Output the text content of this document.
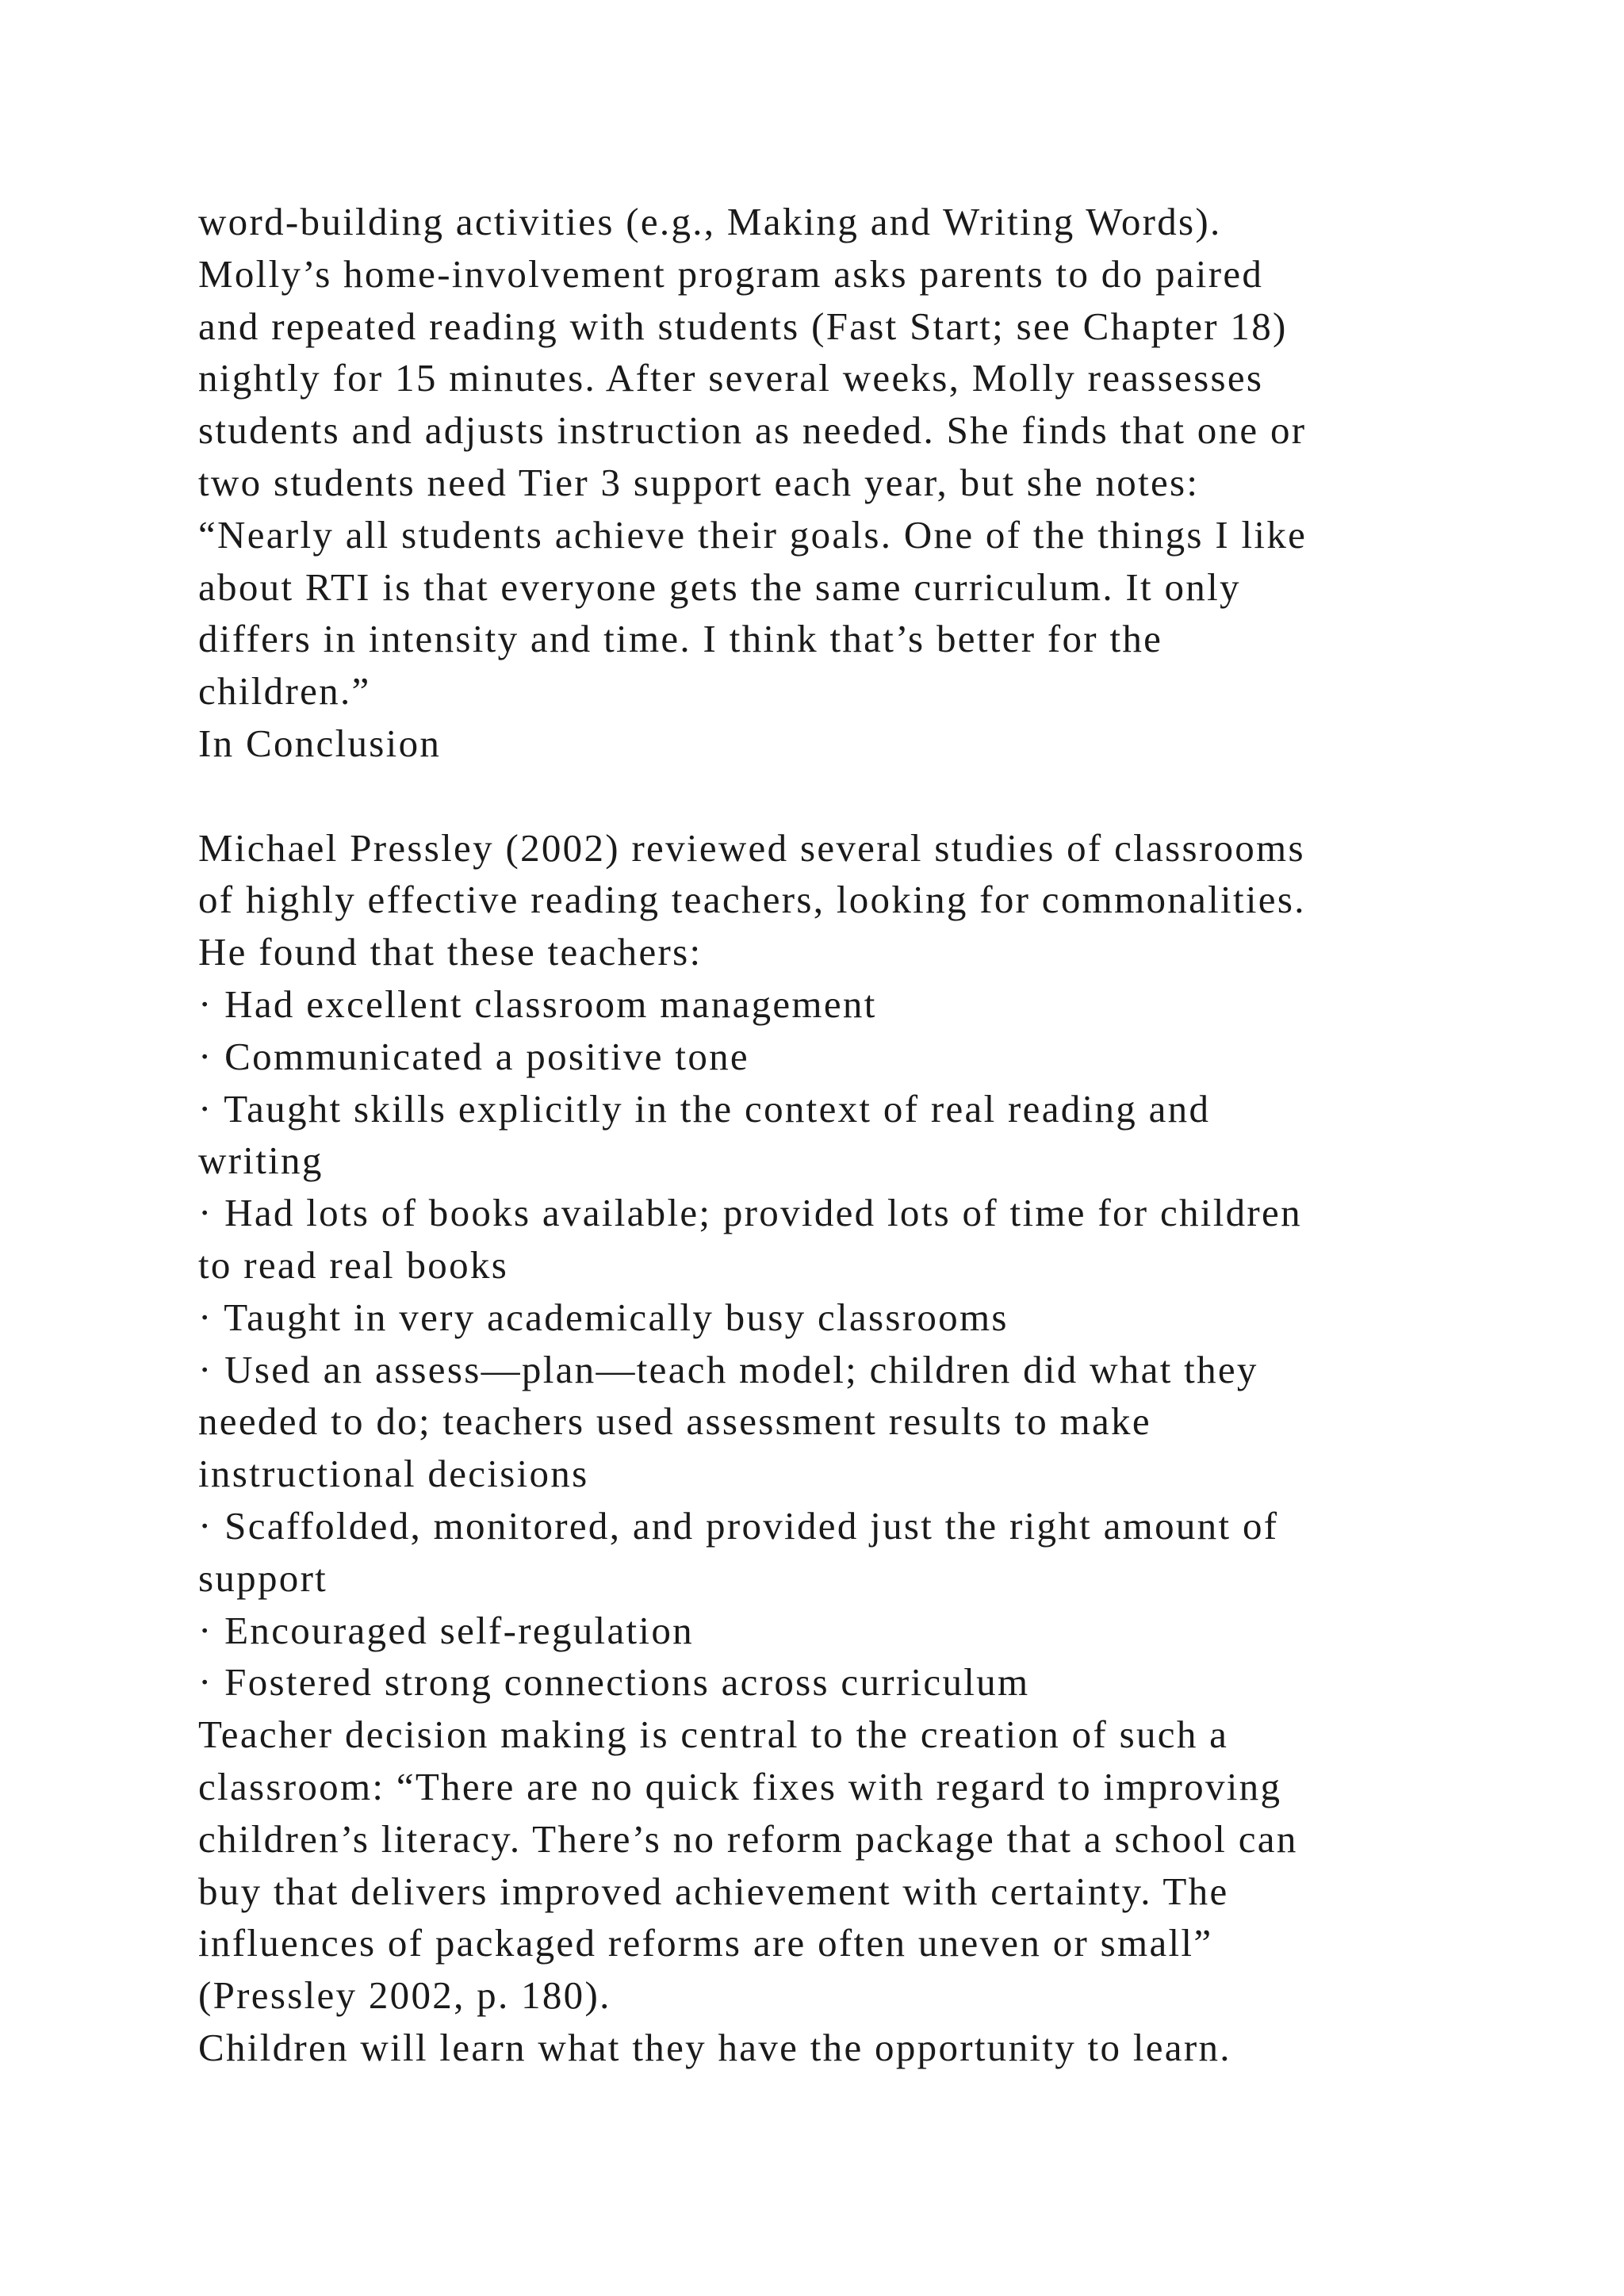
word-building activities (e.g., Making and Writing Words).
Molly’s home-involvement program asks parents to do paired
and repeated reading with students (Fast Start; see Chapter 18)
nightly for 15 minutes. After several weeks, Molly reassesses
students and adjusts instruction as needed. She finds that one or
two students need Tier 3 support each year, but she notes:
“Nearly all students achieve their goals. One of the things I like
about RTI is that everyone gets the same curriculum. It only
differs in intensity and time. I think that’s better for the
children.”
In Conclusion
Michael Pressley (2002) reviewed several studies of classrooms
of highly effective reading teachers, looking for commonalities.
He found that these teachers:
· Had excellent classroom management
· Communicated a positive tone
· Taught skills explicitly in the context of real reading and
writing
· Had lots of books available; provided lots of time for children
to read real books
· Taught in very academically busy classrooms
· Used an assess—plan—teach model; children did what they
needed to do; teachers used assessment results to make
instructional decisions
· Scaffolded, monitored, and provided just the right amount of
support
· Encouraged self-regulation
· Fostered strong connections across curriculum
Teacher decision making is central to the creation of such a
classroom: “There are no quick fixes with regard to improving
children’s literacy. There’s no reform package that a school can
buy that delivers improved achievement with certainty. The
influences of packaged reforms are often uneven or small”
(Pressley 2002, p. 180).
Children will learn what they have the opportunity to learn.
